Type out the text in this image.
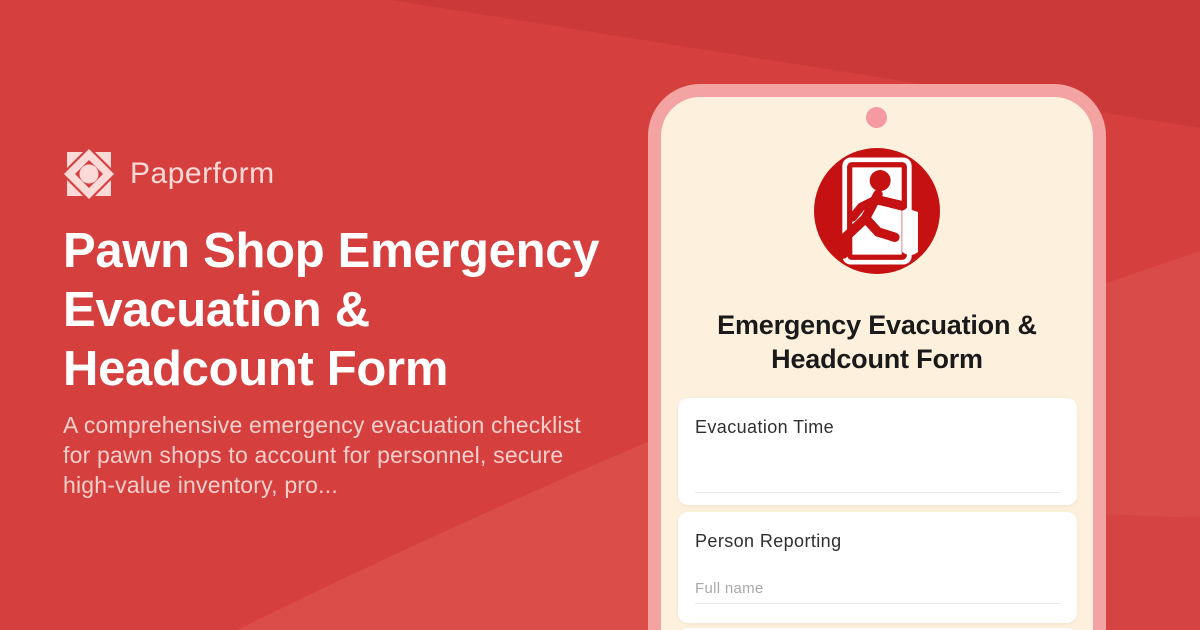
Paperform
Pawn Shop Emergency
Evacuation &
Headcount Form

A comprehensive emergency evacuation checklist
for pawn shops to account for personnel, secure
high-value inventory, pro...

Emergency Evacuation &
Headcount Form
Evacuation Time
Person Reporting
Full name
